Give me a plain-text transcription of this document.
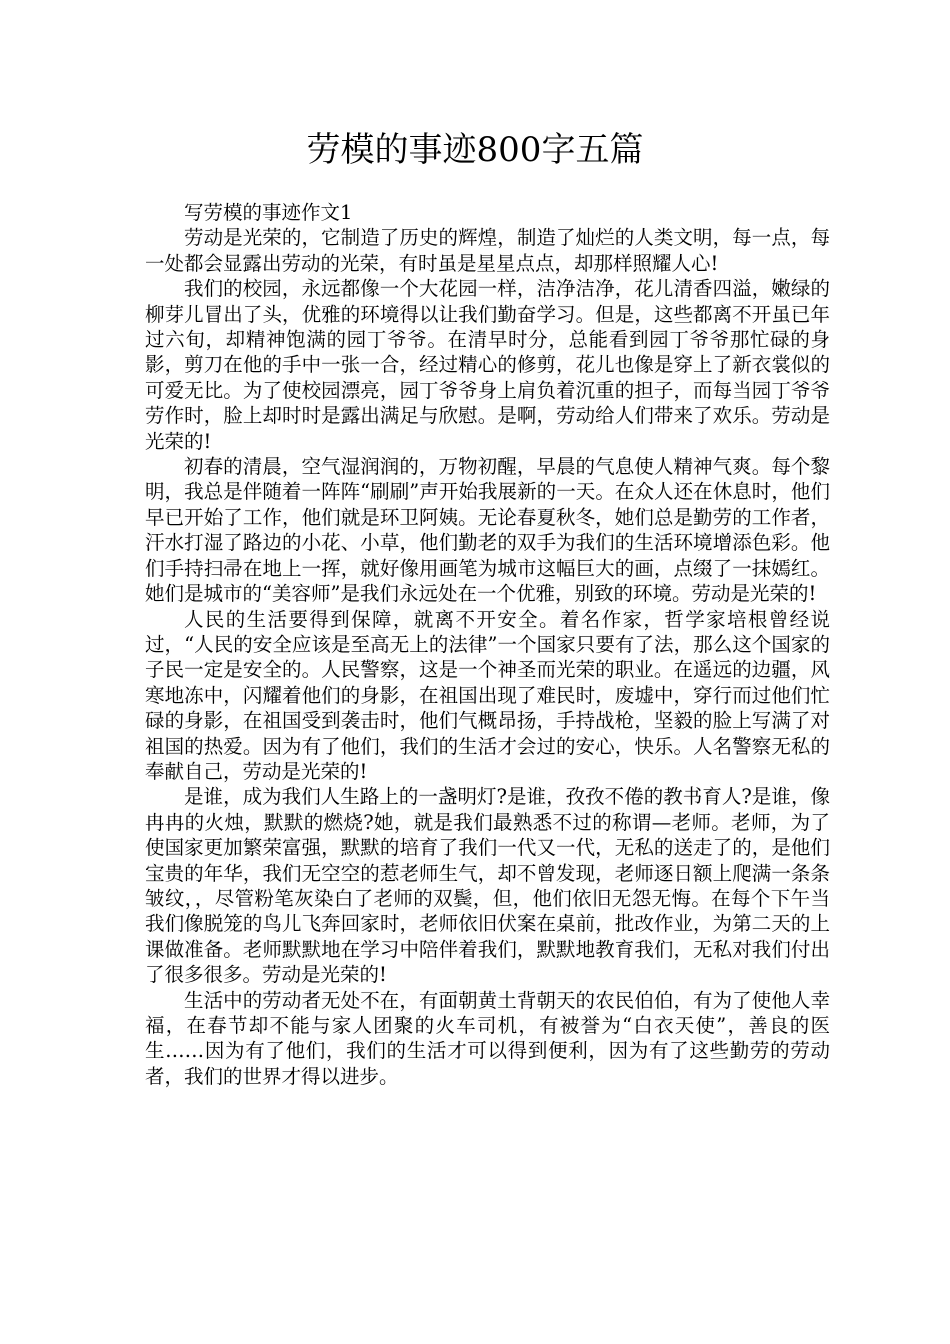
劳模的事迹800字五篇

写劳模的事迹作文1

劳动是光荣的，它制造了历史的辉煌，制造了灿烂的人类文明，每一点，每一处都会显露出劳动的光荣，有时虽是星星点点，却那样照耀人心!

我们的校园，永远都像一个大花园一样，洁净洁净，花儿清香四溢，嫩绿的柳芽儿冒出了头，优雅的环境得以让我们勤奋学习。但是，这些都离不开虽已年过六旬，却精神饱满的园丁爷爷。在清早时分，总能看到园丁爷爷那忙碌的身影，剪刀在他的手中一张一合，经过精心的修剪，花儿也像是穿上了新衣裳似的可爱无比。为了使校园漂亮，园丁爷爷身上肩负着沉重的担子，而每当园丁爷爷劳作时，脸上却时时是露出满足与欣慰。是啊，劳动给人们带来了欢乐。劳动是光荣的!

初春的清晨，空气湿润润的，万物初醒，早晨的气息使人精神气爽。每个黎明，我总是伴随着一阵阵“刷刷”声开始我展新的一天。在众人还在休息时，他们早已开始了工作，他们就是环卫阿姨。无论春夏秋冬，她们总是勤劳的工作者，汗水打湿了路边的小花、小草，他们勤老的双手为我们的生活环境增添色彩。他们手持扫帚在地上一挥，就好像用画笔为城市这幅巨大的画，点缀了一抹嫣红。她们是城市的“美容师”是我们永远处在一个优雅，别致的环境。劳动是光荣的!

人民的生活要得到保障，就离不开安全。着名作家，哲学家培根曾经说过，“人民的安全应该是至高无上的法律”一个国家只要有了法，那么这个国家的子民一定是安全的。人民警察，这是一个神圣而光荣的职业。在遥远的边疆，风寒地冻中，闪耀着他们的身影，在祖国出现了难民时，废墟中，穿行而过他们忙碌的身影，在祖国受到袭击时，他们气概昂扬，手持战枪，坚毅的脸上写满了对祖国的热爱。因为有了他们，我们的生活才会过的安心，快乐。人名警察无私的奉献自己，劳动是光荣的!

是谁，成为我们人生路上的一盏明灯?是谁，孜孜不倦的教书育人?是谁，像冉冉的火烛，默默的燃烧?她，就是我们最熟悉不过的称谓—老师。老师，为了使国家更加繁荣富强，默默的培育了我们一代又一代，无私的送走了的，是他们宝贵的年华，我们无空空的惹老师生气，却不曾发现，老师逐日额上爬满一条条皱纹，，尽管粉笔灰染白了老师的双鬓，但，他们依旧无怨无悔。在每个下午当我们像脱笼的鸟儿飞奔回家时，老师依旧伏案在桌前，批改作业，为第二天的上课做准备。老师默默地在学习中陪伴着我们，默默地教育我们，无私对我们付出了很多很多。劳动是光荣的!

生活中的劳动者无处不在，有面朝黄土背朝天的农民伯伯，有为了使他人幸福，在春节却不能与家人团聚的火车司机，有被誉为“白衣天使”，善良的医生……因为有了他们，我们的生活才可以得到便利，因为有了这些勤劳的劳动者，我们的世界才得以进步。
